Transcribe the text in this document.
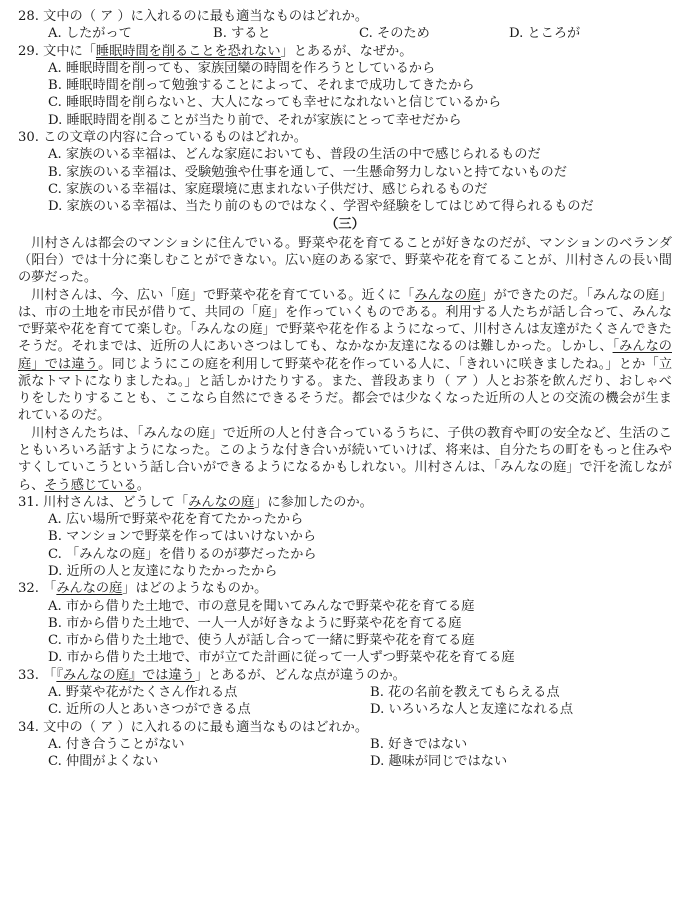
28. 文中の（ ア ）に入れるのに最も適当なものはどれか。
A. したがって	B. すると	C. そのため	D. ところが
29. 文中に「睡眠時間を削ることを恐れない」とあるが、なぜか。
A. 睡眠時間を削っても、家族団欒の時間を作ろうとしているから
B. 睡眠時間を削って勉強することによって、それまで成功してきたから
C. 睡眠時間を削らないと、大人になっても幸せになれないと信じているから
D. 睡眠時間を削ることが当たり前で、それが家族にとって幸せだから
30. この文章の内容に合っているものはどれか。
A. 家族のいる幸福は、どんな家庭においても、普段の生活の中で感じられるものだ
B. 家族のいる幸福は、受験勉強や仕事を通して、一生懸命努力しないと持てないものだ
C. 家族のいる幸福は、家庭環境に恵まれない子供だけ、感じられるものだ
D. 家族のいる幸福は、当たり前のものではなく、学習や経験をしてはじめて得られるものだ
（三）
川村さんは都会のマンショシに住んでいる。野菜や花を育てることが好きなのだが、マンションのベランダ（阳台）では十分に楽しむことができない。広い庭のある家で、野菜や花を育てることが、川村さんの長い間の夢だった。
川村さんは、今、広い「庭」で野菜や花を育てている。近くに「みんなの庭」ができたのだ。「みんなの庭」は、市の土地を市民が借りて、共同の「庭」を作っていくものである。利用する人たちが話し合って、みんなで野菜や花を育てて楽しむ。「みんなの庭」で野菜や花を作るようになって、川村さんは友達がたくさんできたそうだ。それまでは、近所の人にあいさつはしても、なかなか友達になるのは難しかった。しかし、「みんなの庭」では違う。同じようにこの庭を利用して野菜や花を作っている人に、「きれいに咲きましたね。」とか「立派なトマトになりましたね。」と話しかけたりする。また、普段あまり（ ア ）人とお茶を飲んだり、おしゃべりをしたりすることも、ここなら自然にできるそうだ。都会では少なくなった近所の人との交流の機会が生まれているのだ。
川村さんたちは、「みんなの庭」で近所の人と付き合っているうちに、子供の教育や町の安全など、生活のこともいろいろ話すようになった。このような付き合いが続いていけば、将来は、自分たちの町をもっと住みやすくしていこうという話し合いができるようになるかもしれない。川村さんは、「みんなの庭」で汗を流しながら、そう感じている。
31. 川村さんは、どうして「みんなの庭」に参加したのか。
A. 広い場所で野菜や花を育てたかったから
B. マンションで野菜を作ってはいけないから
C. 「みんなの庭」を借りるのが夢だったから
D. 近所の人と友達になりたかったから
32. 「みんなの庭」はどのようなものか。
A. 市から借りた土地で、市の意見を聞いてみんなで野菜や花を育てる庭
B. 市から借りた土地で、一人一人が好きなように野菜や花を育てる庭
C. 市から借りた土地で、使う人が話し合って一緒に野菜や花を育てる庭
D. 市から借りた土地で、市が立てた計画に従って一人ずつ野菜や花を育てる庭
33. 「『みんなの庭』では違う」とあるが、どんな点が違うのか。
A. 野菜や花がたくさん作れる点	B. 花の名前を教えてもらえる点
C. 近所の人とあいさつができる点	D. いろいろな人と友達になれる点
34. 文中の（ ア ）に入れるのに最も適当なものはどれか。
A. 付き合うことがない	B. 好きではない
C. 仲間がよくない	D. 趣味が同じではない
